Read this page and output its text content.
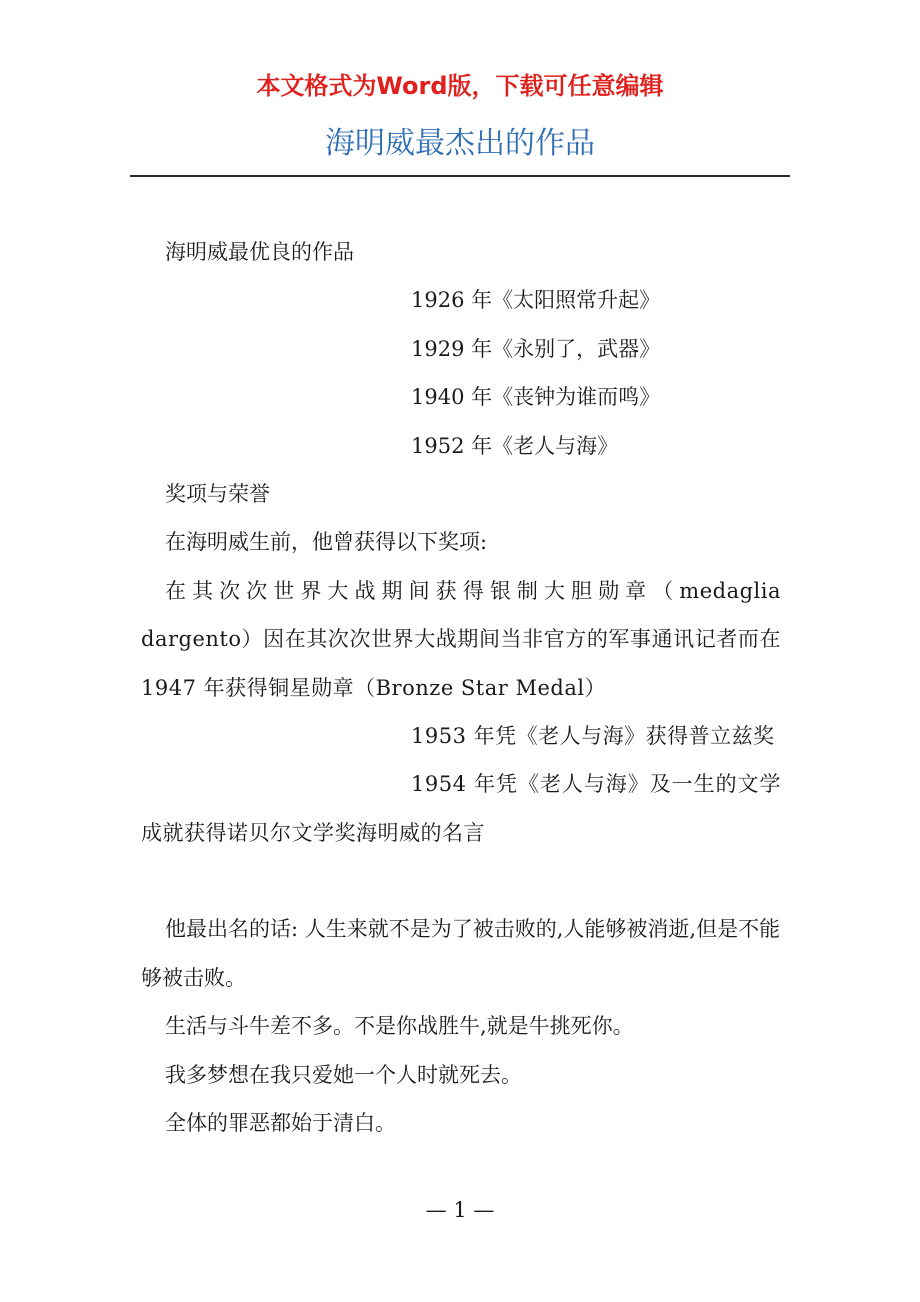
本文格式为Word版，下载可任意编辑
海明威最杰出的作品

海明威最优良的作品

1926 年《太阳照常升起》

1929 年《永别了，武器》

1940 年《丧钟为谁而鸣》

1952 年《老人与海》

奖项与荣誉

在海明威生前，他曾获得以下奖项:

在其次次世界大战期间获得银制大胆勋章（medaglia dargento）因在其次次世界大战期间当非官方的军事通讯记者而在 1947 年获得铜星勋章（Bronze Star Medal）

1953 年凭《老人与海》获得普立兹奖

1954 年凭《老人与海》及一生的文学成就获得诺贝尔文学奖海明威的名言

他最出名的话: 人生来就不是为了被击败的,人能够被消逝,但是不能够被击败。

生活与斗牛差不多。不是你战胜牛,就是牛挑死你。

我多梦想在我只爱她一个人时就死去。

全体的罪恶都始于清白。

— 1 —
